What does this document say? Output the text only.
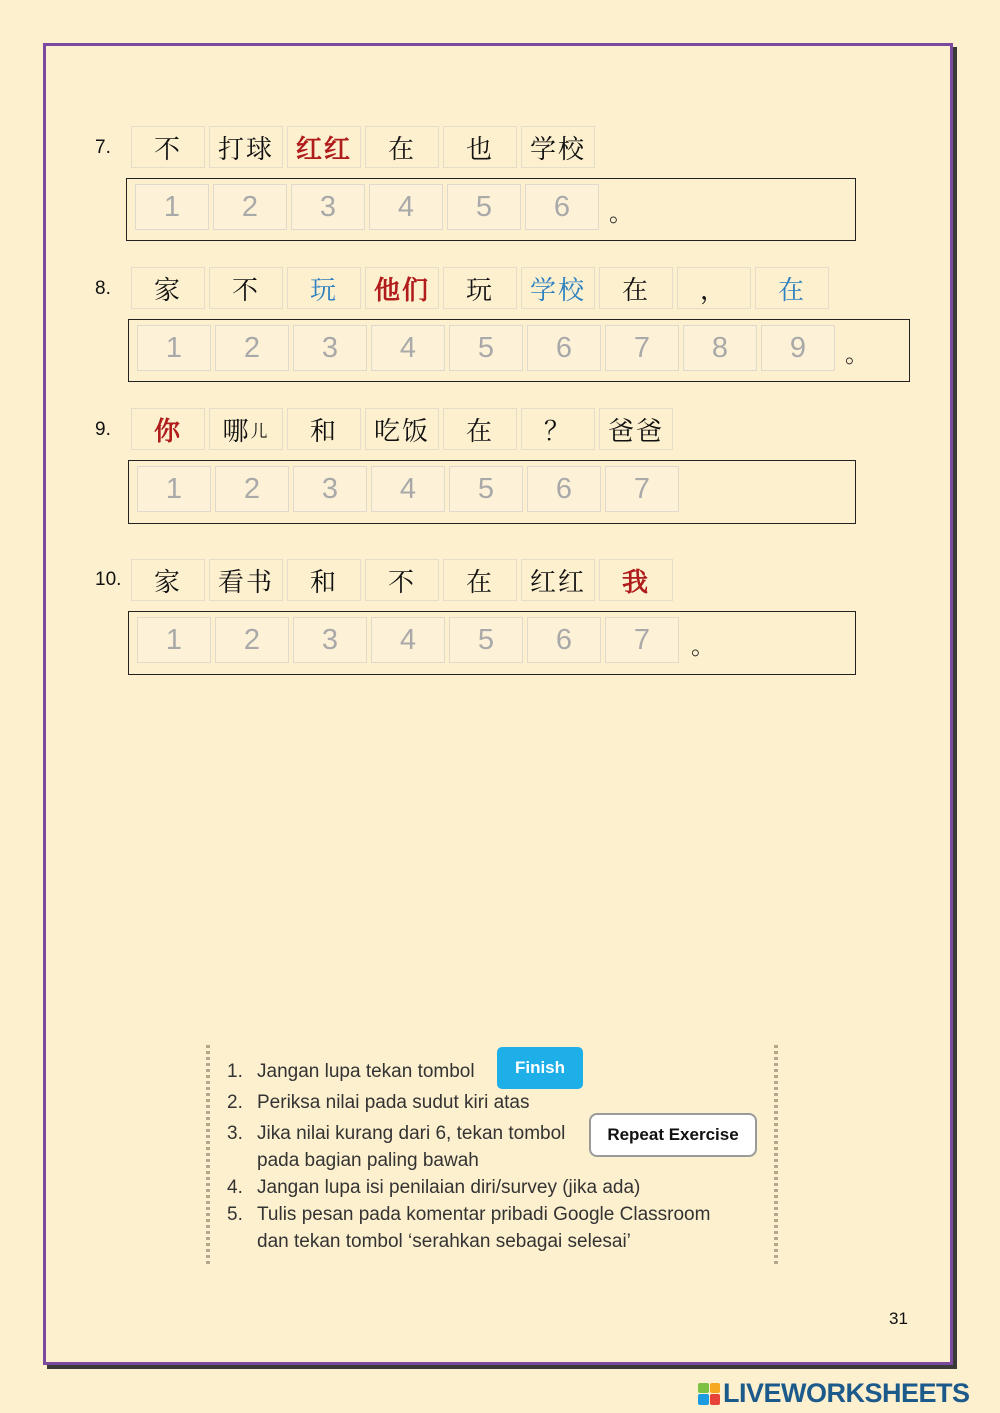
7.	不	打球 红红	在	也	学校
1	2	3	4	5	6	。
8.	家	不	玩	他们	玩	学校	在	，	在
1	2	3	4	5	6	7	8	9	。
9.	你	哪 儿	和	吃饭	在	？	爸爸
1	2	3	4	5	6	7
10.	家	看书	和	不	在	红红	我
1	2	3	4	5	6	7	。
1. Jangan lupa tekan tombol
2. Periksa nilai pada sudut kiri atas
3. Jika nilai kurang dari 6, tekan tombol
pada bagian paling bawah
4. Jangan lupa isi penilaian diri/survey (jika ada)
5. Tulis pesan pada komentar pribadi Google Classroom
dan tekan tombol ‘serahkan sebagai selesai’
Finish
Repeat Exercise
31
LIVEWORKSHEETS
